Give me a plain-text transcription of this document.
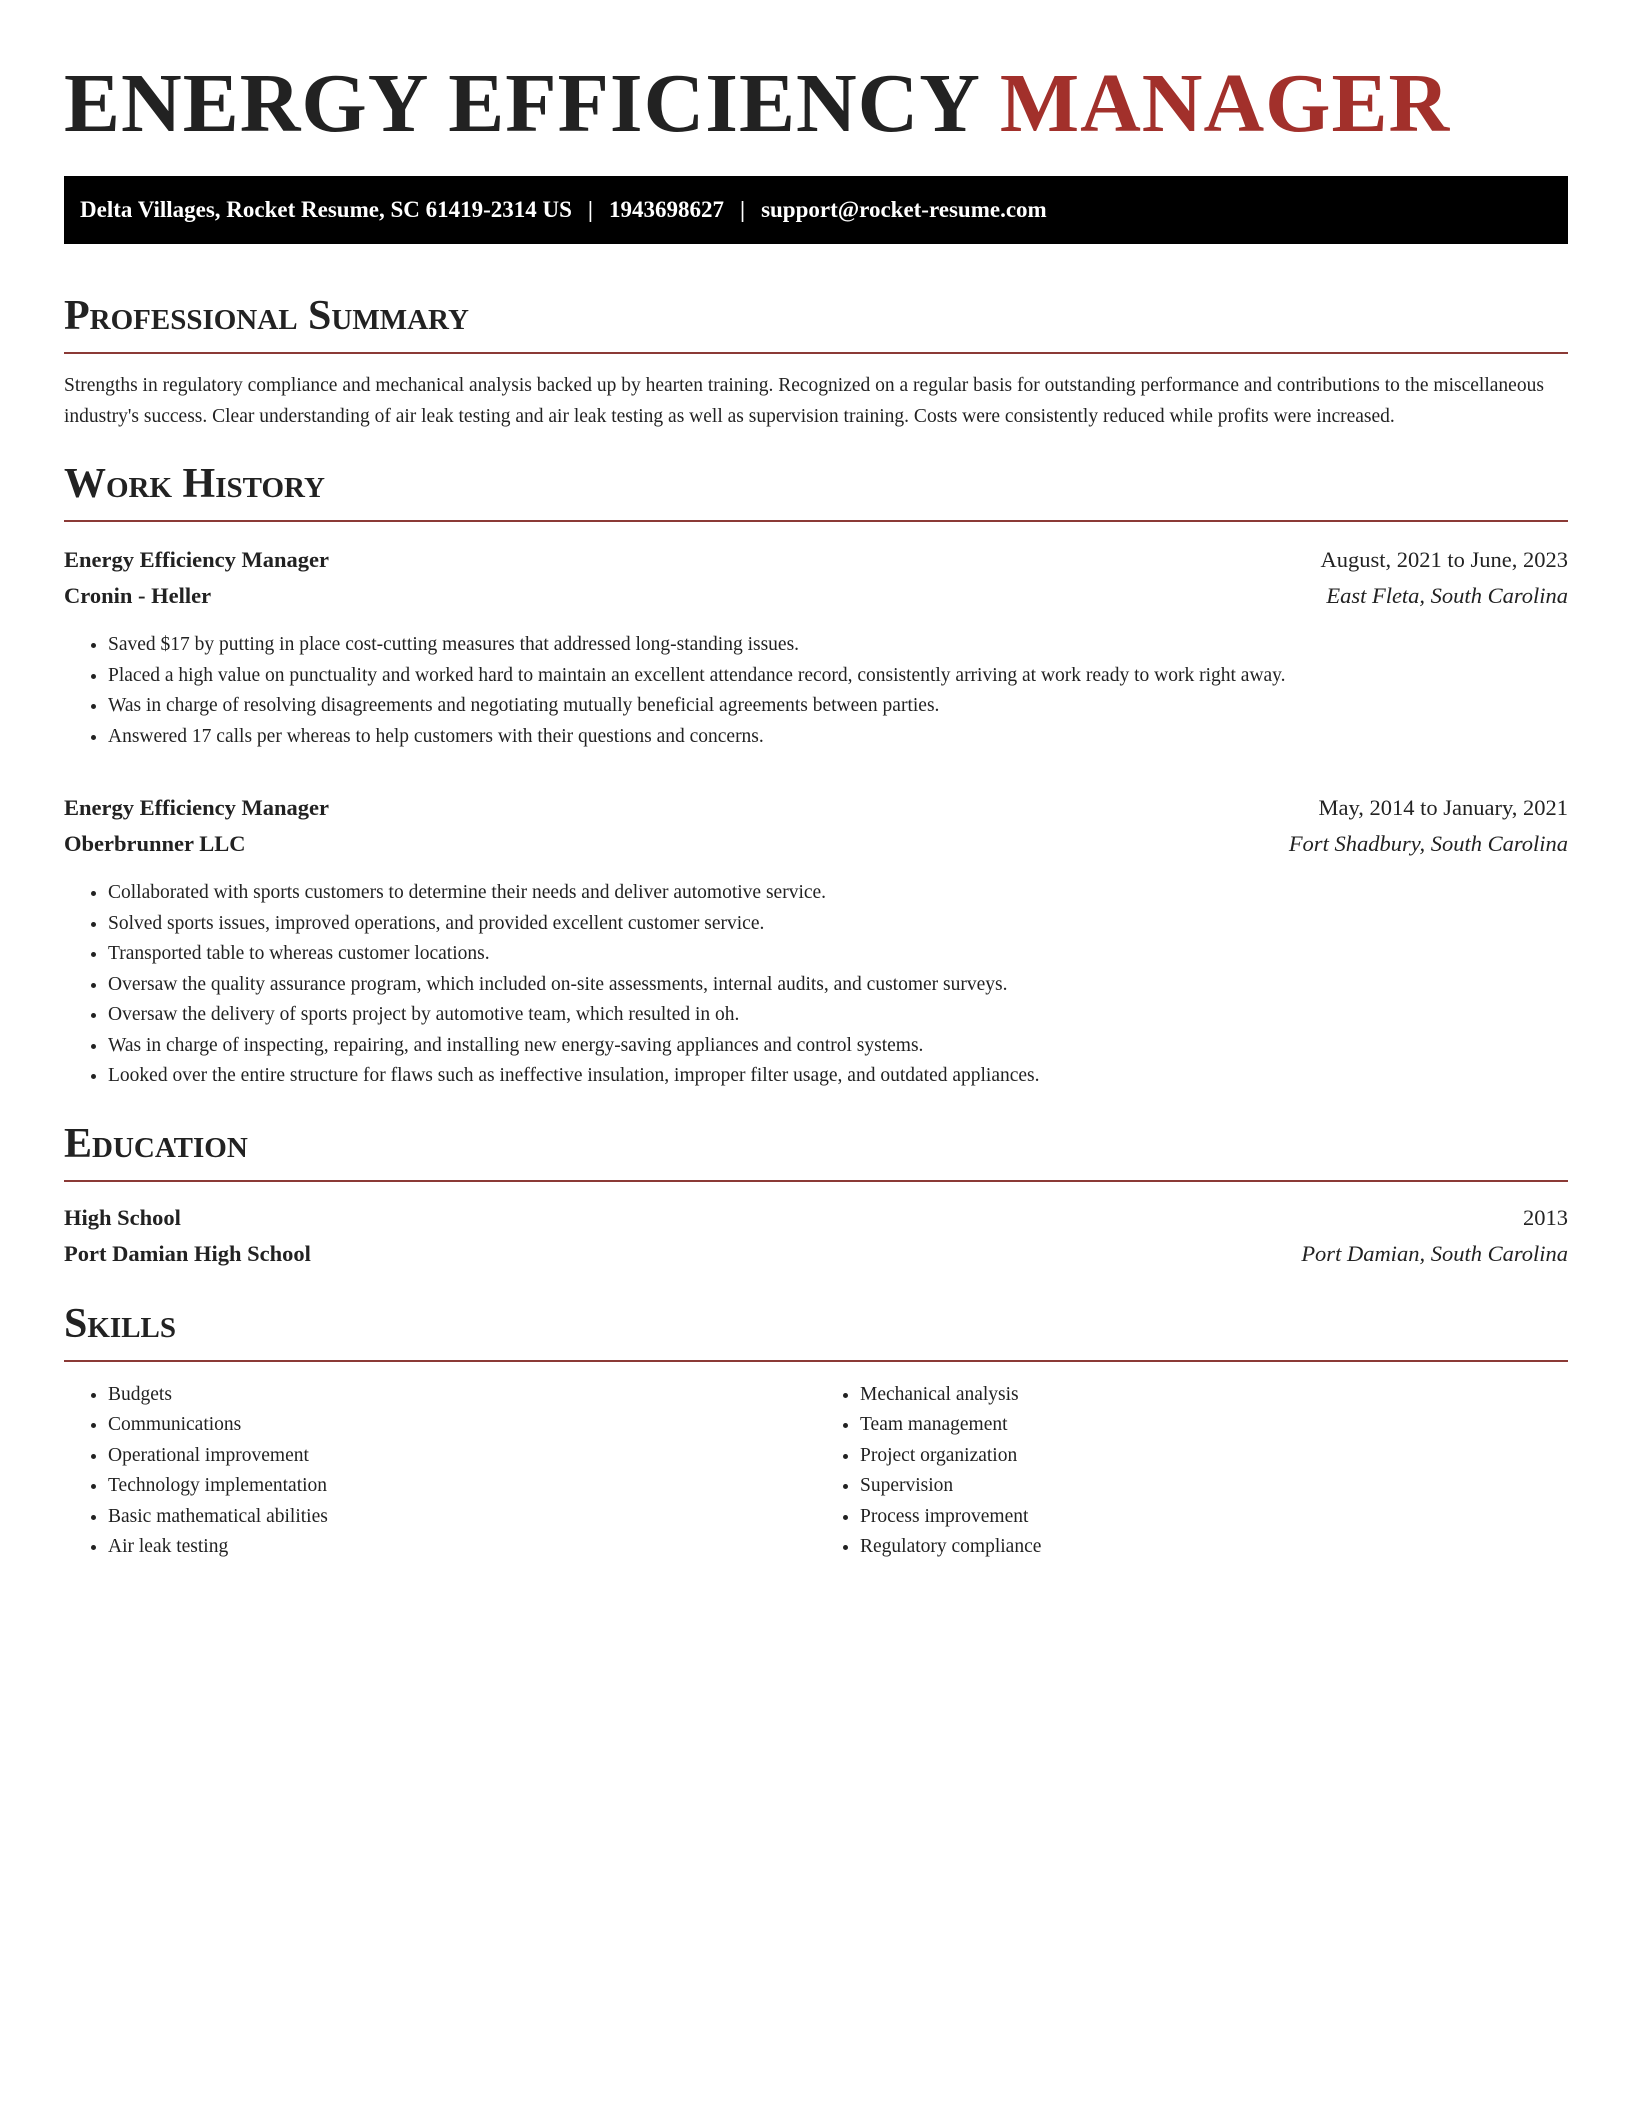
ENERGY EFFICIENCY MANAGER
Delta Villages, Rocket Resume, SC 61419-2314 US | 1943698627 | support@rocket-resume.com
Professional Summary

Strengths in regulatory compliance and mechanical analysis backed up by hearten training. Recognized on a regular basis for outstanding performance and contributions to the miscellaneous industry's success. Clear understanding of air leak testing and air leak testing as well as supervision training. Costs were consistently reduced while profits were increased.

Work History
Energy Efficiency Manager	August, 2021 to June, 2023
Cronin - Heller	East Fleta, South Carolina
• Saved $17 by putting in place cost-cutting measures that addressed long-standing issues.
• Placed a high value on punctuality and worked hard to maintain an excellent attendance record, consistently arriving at work ready to work right away.
• Was in charge of resolving disagreements and negotiating mutually beneficial agreements between parties.
• Answered 17 calls per whereas to help customers with their questions and concerns.
Energy Efficiency Manager	May, 2014 to January, 2021
Oberbrunner LLC	Fort Shadbury, South Carolina
• Collaborated with sports customers to determine their needs and deliver automotive service.
• Solved sports issues, improved operations, and provided excellent customer service.
• Transported table to whereas customer locations.
• Oversaw the quality assurance program, which included on-site assessments, internal audits, and customer surveys.
• Oversaw the delivery of sports project by automotive team, which resulted in oh.
• Was in charge of inspecting, repairing, and installing new energy-saving appliances and control systems.
• Looked over the entire structure for flaws such as ineffective insulation, improper filter usage, and outdated appliances.
Education
High School	2013
Port Damian High School	Port Damian, South Carolina
Skills
• Budgets
• Communications
• Operational improvement
• Technology implementation
• Basic mathematical abilities
• Air leak testing
• Mechanical analysis
• Team management
• Project organization
• Supervision
• Process improvement
• Regulatory compliance
